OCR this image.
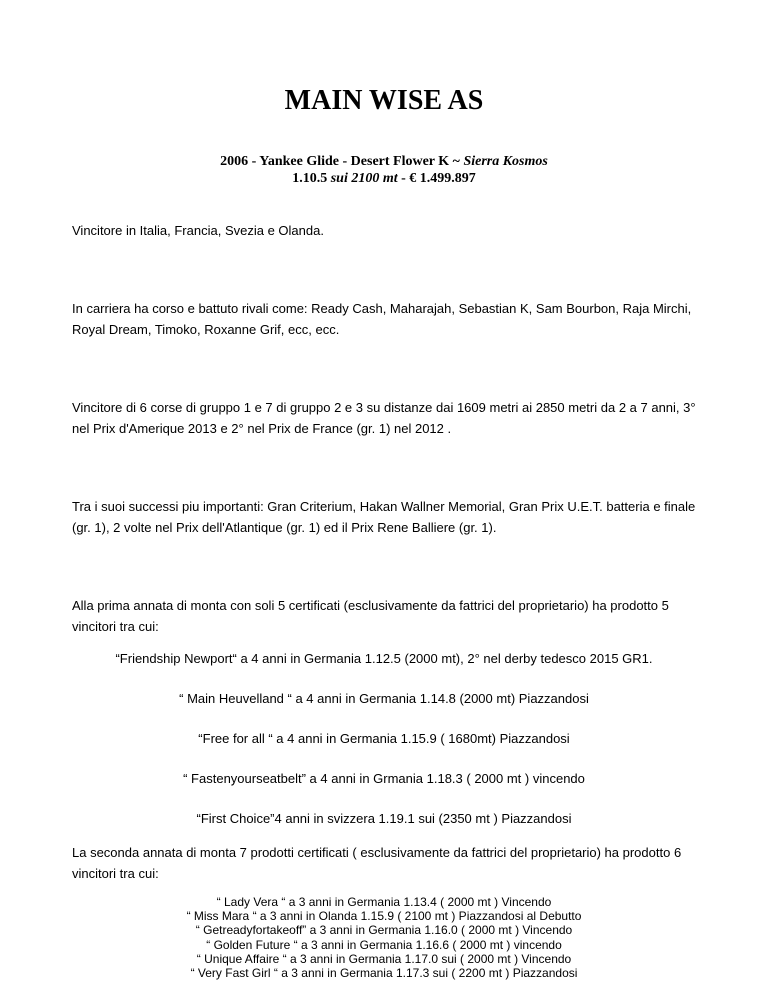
MAIN WISE AS
2006 - Yankee Glide - Desert Flower K ~ Sierra Kosmos
1.10.5 sui 2100 mt - € 1.499.897
Vincitore in Italia, Francia, Svezia e Olanda.
In carriera ha corso e battuto rivali come: Ready Cash, Maharajah, Sebastian K, Sam Bourbon, Raja Mirchi, Royal Dream, Timoko, Roxanne Grif, ecc, ecc.
Vincitore di 6 corse di gruppo 1 e 7 di gruppo 2 e 3 su distanze dai 1609 metri ai 2850 metri da 2 a 7 anni, 3° nel Prix d'Amerique 2013 e 2° nel Prix de France (gr. 1) nel 2012 .
Tra i suoi successi piu importanti: Gran Criterium, Hakan Wallner Memorial, Gran Prix U.E.T. batteria e finale (gr. 1), 2 volte nel Prix dell'Atlantique (gr. 1) ed il Prix Rene Balliere (gr. 1).
Alla prima annata di monta con soli 5 certificati (esclusivamente da fattrici del proprietario) ha prodotto 5 vincitori tra cui:
“Friendship Newport“ a 4 anni in Germania 1.12.5 (2000 mt), 2° nel derby tedesco 2015 GR1.
“ Main Heuvelland “ a 4 anni in Germania 1.14.8 (2000 mt) Piazzandosi
“Free for all “ a 4 anni in Germania 1.15.9 ( 1680mt) Piazzandosi
“ Fastenyourseatbelt” a 4 anni in Grmania 1.18.3 ( 2000 mt ) vincendo
“First Choice”4 anni in svizzera 1.19.1 sui (2350 mt ) Piazzandosi
La seconda annata di monta 7 prodotti certificati ( esclusivamente da fattrici del proprietario) ha prodotto 6 vincitori tra cui:
“ Lady Vera “ a 3 anni in Germania 1.13.4 ( 2000 mt ) Vincendo
“ Miss Mara “ a 3 anni in Olanda 1.15.9 ( 2100 mt ) Piazzandosi al Debutto
“ Getreadyfortakeoff” a 3 anni in Germania 1.16.0 ( 2000 mt ) Vincendo
“ Golden Future “ a 3 anni in Germania 1.16.6 ( 2000 mt ) vincendo
“ Unique Affaire “ a 3 anni in Germania 1.17.0 sui ( 2000 mt ) Vincendo
“ Very Fast Girl “ a 3 anni in Germania 1.17.3 sui ( 2200 mt ) Piazzandosi
